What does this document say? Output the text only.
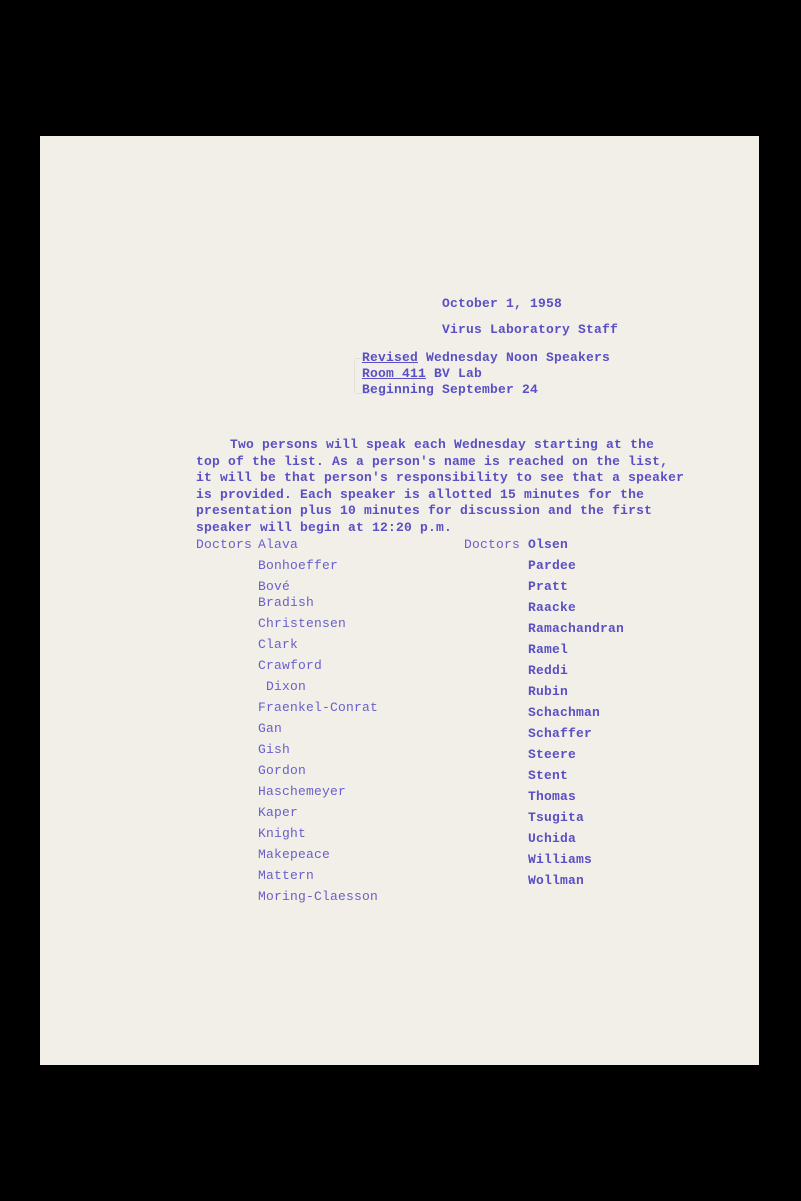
October 1, 1958
Virus Laboratory Staff
Revised Wednesday Noon Speakers
Room 411 BV Lab
Beginning September 24
Two persons will speak each Wednesday starting at the
top of the list. As a person's name is reached on the list,
it will be that person's responsibility to see that a speaker
is provided. Each speaker is allotted 15 minutes for the
presentation plus 10 minutes for discussion and the first
speaker will begin at 12:20 p.m.
Doctors	Doctors
Alava
Bonhoeffer
Bové
Bradish
Christensen
Clark
Crawford
Dixon
Fraenkel-Conrat
Gan
Gish
Gordon
Haschemeyer
Kaper
Knight
Makepeace
Mattern
Moring-Claesson
Olsen
Pardee
Pratt
Raacke
Ramachandran
Ramel
Reddi
Rubin
Schachman
Schaffer
Steere
Stent
Thomas
Tsugita
Uchida
Williams
Wollman
